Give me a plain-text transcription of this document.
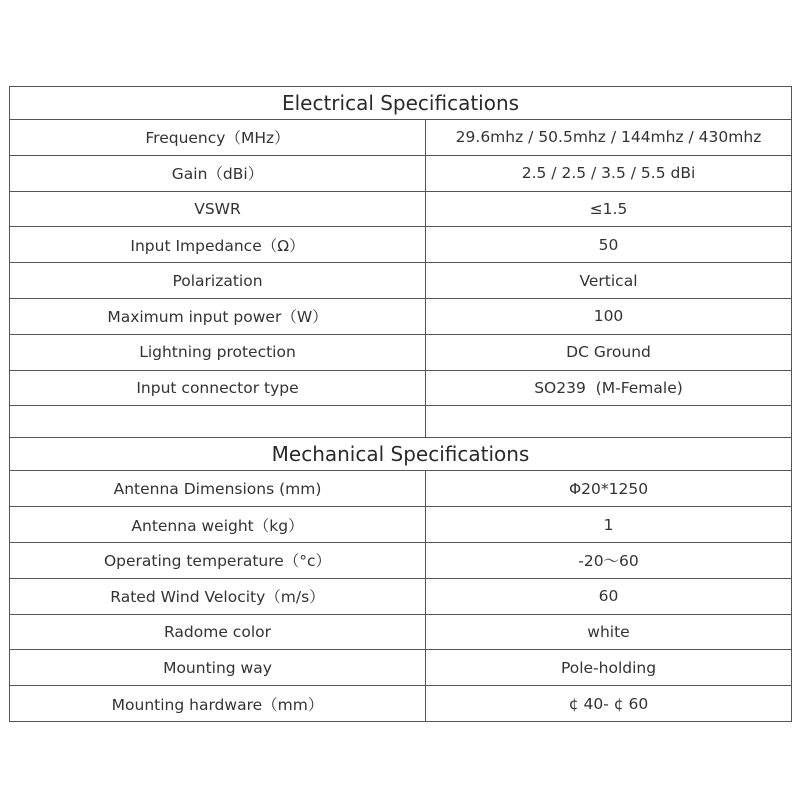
Electrical Specifications	
Frequency（MHz）	29.6mhz / 50.5mhz / 144mhz / 430mhz
Gain（dBi）	2.5 / 2.5 / 3.5 / 5.5 dBi
VSWR	≤1.5
Input Impedance（Ω）	50
Polarization	Vertical
Maximum input power（W）	100
Lightning protection	DC Ground
Input connector type	SO239  (M-Female)

Mechanical Specifications	
Antenna Dimensions (mm)	Φ20*1250
Antenna weight（kg）	1
Operating temperature（°c）	-20～60
Rated Wind Velocity（m/s）	60
Radome color	white
Mounting way	Pole-holding
Mounting hardware（mm）	¢ 40- ¢ 60
